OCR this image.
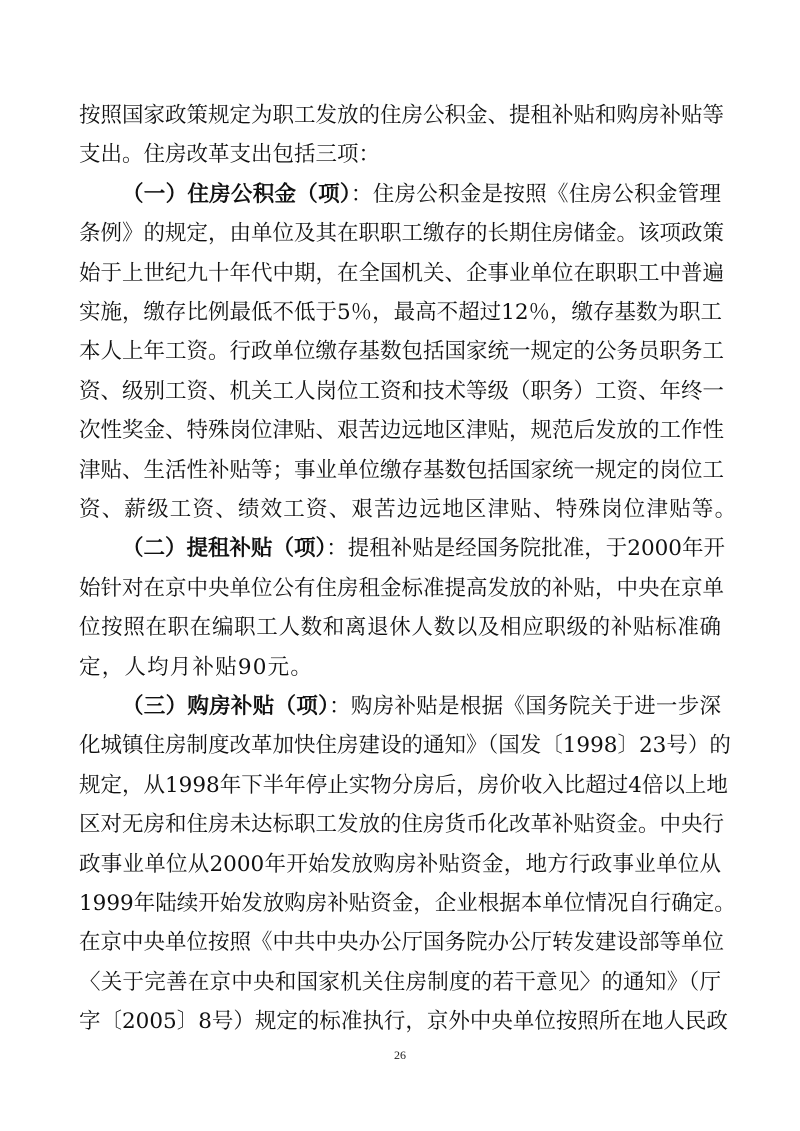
按照国家政策规定为职工发放的住房公积金、提租补贴和购房补贴等
支出。住房改革支出包括三项：
（一）住房公积金（项）：住房公积金是按照《住房公积金管理
条例》的规定，由单位及其在职职工缴存的长期住房储金。该项政策
始于上世纪九十年代中期，在全国机关、企事业单位在职职工中普遍
实施，缴存比例最低不低于5％，最高不超过12％，缴存基数为职工
本人上年工资。行政单位缴存基数包括国家统一规定的公务员职务工
资、级别工资、机关工人岗位工资和技术等级（职务）工资、年终一
次性奖金、特殊岗位津贴、艰苦边远地区津贴，规范后发放的工作性
津贴、生活性补贴等；事业单位缴存基数包括国家统一规定的岗位工
资、薪级工资、绩效工资、艰苦边远地区津贴、特殊岗位津贴等。
（二）提租补贴（项）：提租补贴是经国务院批准，于2000年开
始针对在京中央单位公有住房租金标准提高发放的补贴，中央在京单
位按照在职在编职工人数和离退休人数以及相应职级的补贴标准确
定，人均月补贴90元。
（三）购房补贴（项）：购房补贴是根据《国务院关于进一步深
化城镇住房制度改革加快住房建设的通知》（国发〔1998〕23号）的
规定，从1998年下半年停止实物分房后，房价收入比超过4倍以上地
区对无房和住房未达标职工发放的住房货币化改革补贴资金。中央行
政事业单位从2000年开始发放购房补贴资金，地方行政事业单位从
1999年陆续开始发放购房补贴资金，企业根据本单位情况自行确定。
在京中央单位按照《中共中央办公厅国务院办公厅转发建设部等单位
〈关于完善在京中央和国家机关住房制度的若干意见〉的通知》（厅
字〔2005〕8号）规定的标准执行，京外中央单位按照所在地人民政
26
